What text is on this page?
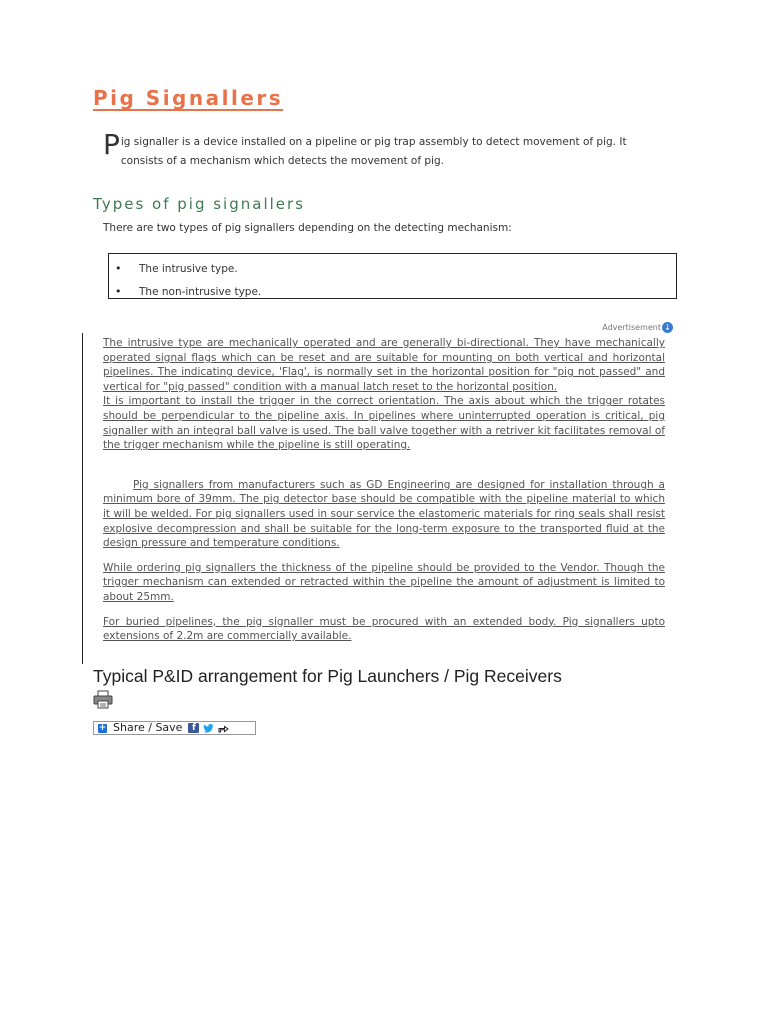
Pig Signallers

Pig signaller is a device installed on a pipeline or pig trap assembly to detect movement of pig. It consists of a mechanism which detects the movement of pig.

Types of pig signallers

There are two types of pig signallers depending on the detecting mechanism:

• The intrusive type.
• The non-intrusive type.
Advertisement ↓

The intrusive type are mechanically operated and are generally bi-directional. They have mechanically operated signal flags which can be reset and are suitable for mounting on both vertical and horizontal pipelines. The indicating device, 'Flag', is normally set in the horizontal position for "pig not passed" and vertical for "pig passed" condition with a manual latch reset to the horizontal position.

It is important to install the trigger in the correct orientation. The axis about which the trigger rotates should be perpendicular to the pipeline axis. In pipelines where uninterrupted operation is critical, pig signaller with an integral ball valve is used. The ball valve together with a retriver kit facilitates removal of the trigger mechanism while the pipeline is still operating.

Pig signallers from manufacturers such as GD Engineering are designed for installation through a minimum bore of 39mm. The pig detector base should be compatible with the pipeline material to which it will be welded. For pig signallers used in sour service the elastomeric materials for ring seals shall resist explosive decompression and shall be suitable for the long-term exposure to the transported fluid at the design pressure and temperature conditions.

While ordering pig signallers the thickness of the pipeline should be provided to the Vendor. Though the trigger mechanism can extended or retracted within the pipeline the amount of adjustment is limited to about 25mm.

For buried pipelines, the pig signaller must be procured with an extended body. Pig signallers upto extensions of 2.2m are commercially available.

Typical P&ID arrangement for Pig Launchers / Pig Receivers
+ Share / Save	f
